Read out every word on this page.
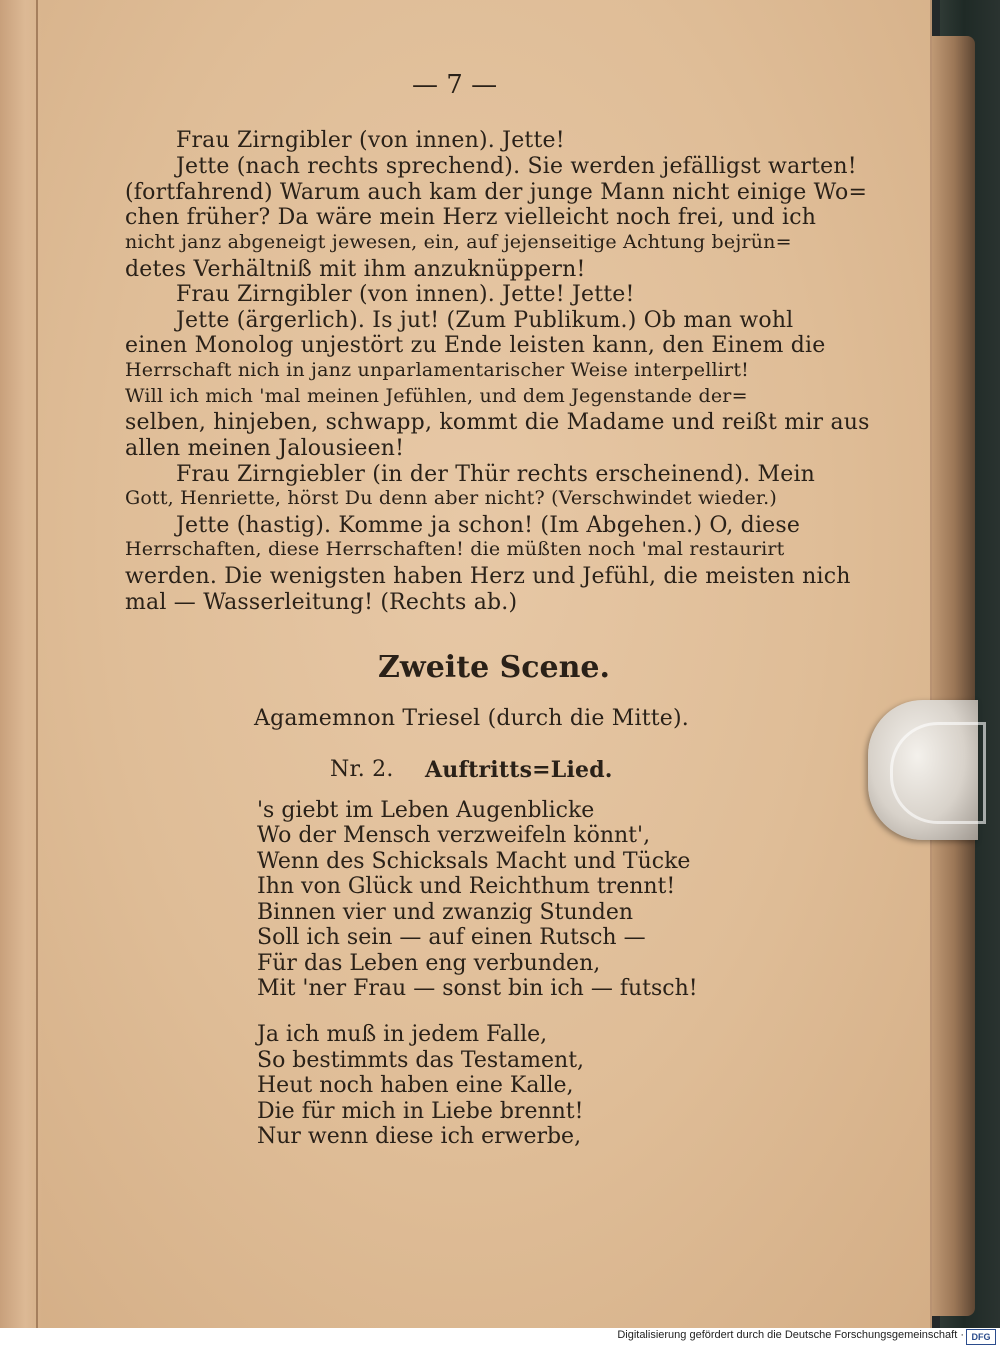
— 7 —
Frau Zirngibler (von innen). Jette!
Jette (nach rechts sprechend). Sie werden jefälligst warten!
(fortfahrend) Warum auch kam der junge Mann nicht einige Wo=
chen früher? Da wäre mein Herz vielleicht noch frei, und ich
nicht janz abgeneigt jewesen, ein, auf jejenseitige Achtung bejrün=
detes Verhältniß mit ihm anzuknüppern!
Frau Zirngibler (von innen). Jette! Jette!
Jette (ärgerlich). Is jut! (Zum Publikum.) Ob man wohl
einen Monolog unjestört zu Ende leisten kann, den Einem die
Herrschaft nich in janz unparlamentarischer Weise interpellirt!
Will ich mich 'mal meinen Jefühlen, und dem Jegenstande der=
selben, hinjeben, schwapp, kommt die Madame und reißt mir aus
allen meinen Jalousieen!
Frau Zirngiebler (in der Thür rechts erscheinend). Mein
Gott, Henriette, hörst Du denn aber nicht? (Verschwindet wieder.)
Jette (hastig). Komme ja schon! (Im Abgehen.) O, diese
Herrschaften, diese Herrschaften! die müßten noch 'mal restaurirt
werden. Die wenigsten haben Herz und Jefühl, die meisten nich
mal — Wasserleitung! (Rechts ab.)
Zweite Scene.
Agamemnon Triesel (durch die Mitte).
Nr. 2. Auftritts=Lied.
's giebt im Leben Augenblicke
Wo der Mensch verzweifeln könnt',
Wenn des Schicksals Macht und Tücke
Ihn von Glück und Reichthum trennt!
Binnen vier und zwanzig Stunden
Soll ich sein — auf einen Rutsch —
Für das Leben eng verbunden,
Mit 'ner Frau — sonst bin ich — futsch!
Ja ich muß in jedem Falle,
So bestimmts das Testament,
Heut noch haben eine Kalle,
Die für mich in Liebe brennt!
Nur wenn diese ich erwerbe,
Digitalisierung gefördert durch die Deutsche Forschungsgemeinschaft · DFG
